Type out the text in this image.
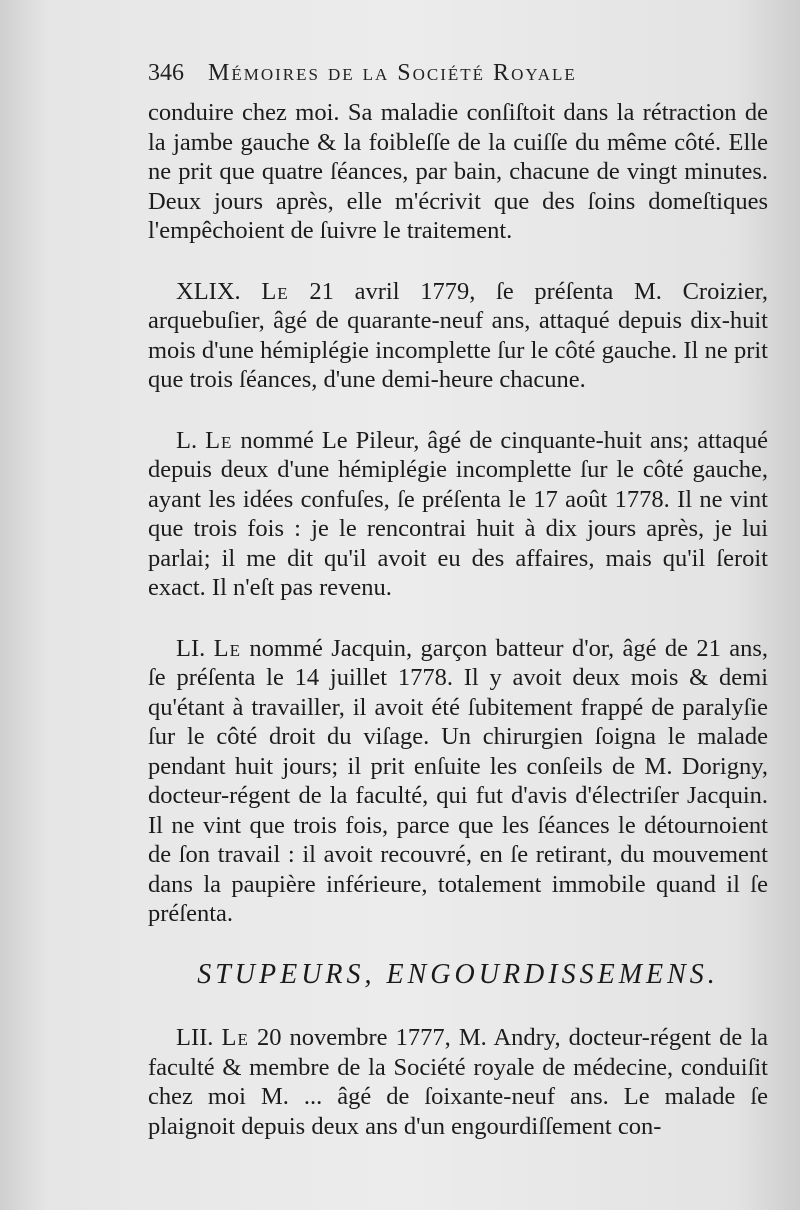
346 Mémoires de la Société Royale

conduire chez moi. Sa maladie conſiſtoit dans la rétraction de la jambe gauche & la foibleſſe de la cuiſſe du même côté. Elle ne prit que quatre ſéances, par bain, chacune de vingt minutes. Deux jours après, elle m'écrivit que des ſoins domeſtiques l'empêchoient de ſuivre le traitement.

XLIX. Le 21 avril 1779, ſe préſenta M. Croizier, arquebuſier, âgé de quarante-neuf ans, attaqué depuis dix-huit mois d'une hémiplégie incomplette ſur le côté gauche. Il ne prit que trois ſéances, d'une demi-heure chacune.

L. Le nommé Le Pileur, âgé de cinquante-huit ans; attaqué depuis deux d'une hémiplégie incomplette ſur le côté gauche, ayant les idées confuſes, ſe préſenta le 17 août 1778. Il ne vint que trois fois : je le rencontrai huit à dix jours après, je lui parlai; il me dit qu'il avoit eu des affaires, mais qu'il ſeroit exact. Il n'eſt pas revenu.

LI. Le nommé Jacquin, garçon batteur d'or, âgé de 21 ans, ſe préſenta le 14 juillet 1778. Il y avoit deux mois & demi qu'étant à travailler, il avoit été ſubitement frappé de paralyſie ſur le côté droit du viſage. Un chirurgien ſoigna le malade pendant huit jours; il prit enſuite les conſeils de M. Dorigny, docteur-régent de la faculté, qui fut d'avis d'électriſer Jacquin. Il ne vint que trois fois, parce que les ſéances le détournoient de ſon travail : il avoit recouvré, en ſe retirant, du mouvement dans la paupière inférieure, totalement immobile quand il ſe préſenta.

STUPEURS, ENGOURDISSEMENS.

LII. Le 20 novembre 1777, M. Andry, docteur-régent de la faculté & membre de la Société royale de médecine, conduiſit chez moi M. ... âgé de ſoixante-neuf ans. Le malade ſe plaignoit depuis deux ans d'un engourdiſſement con-
